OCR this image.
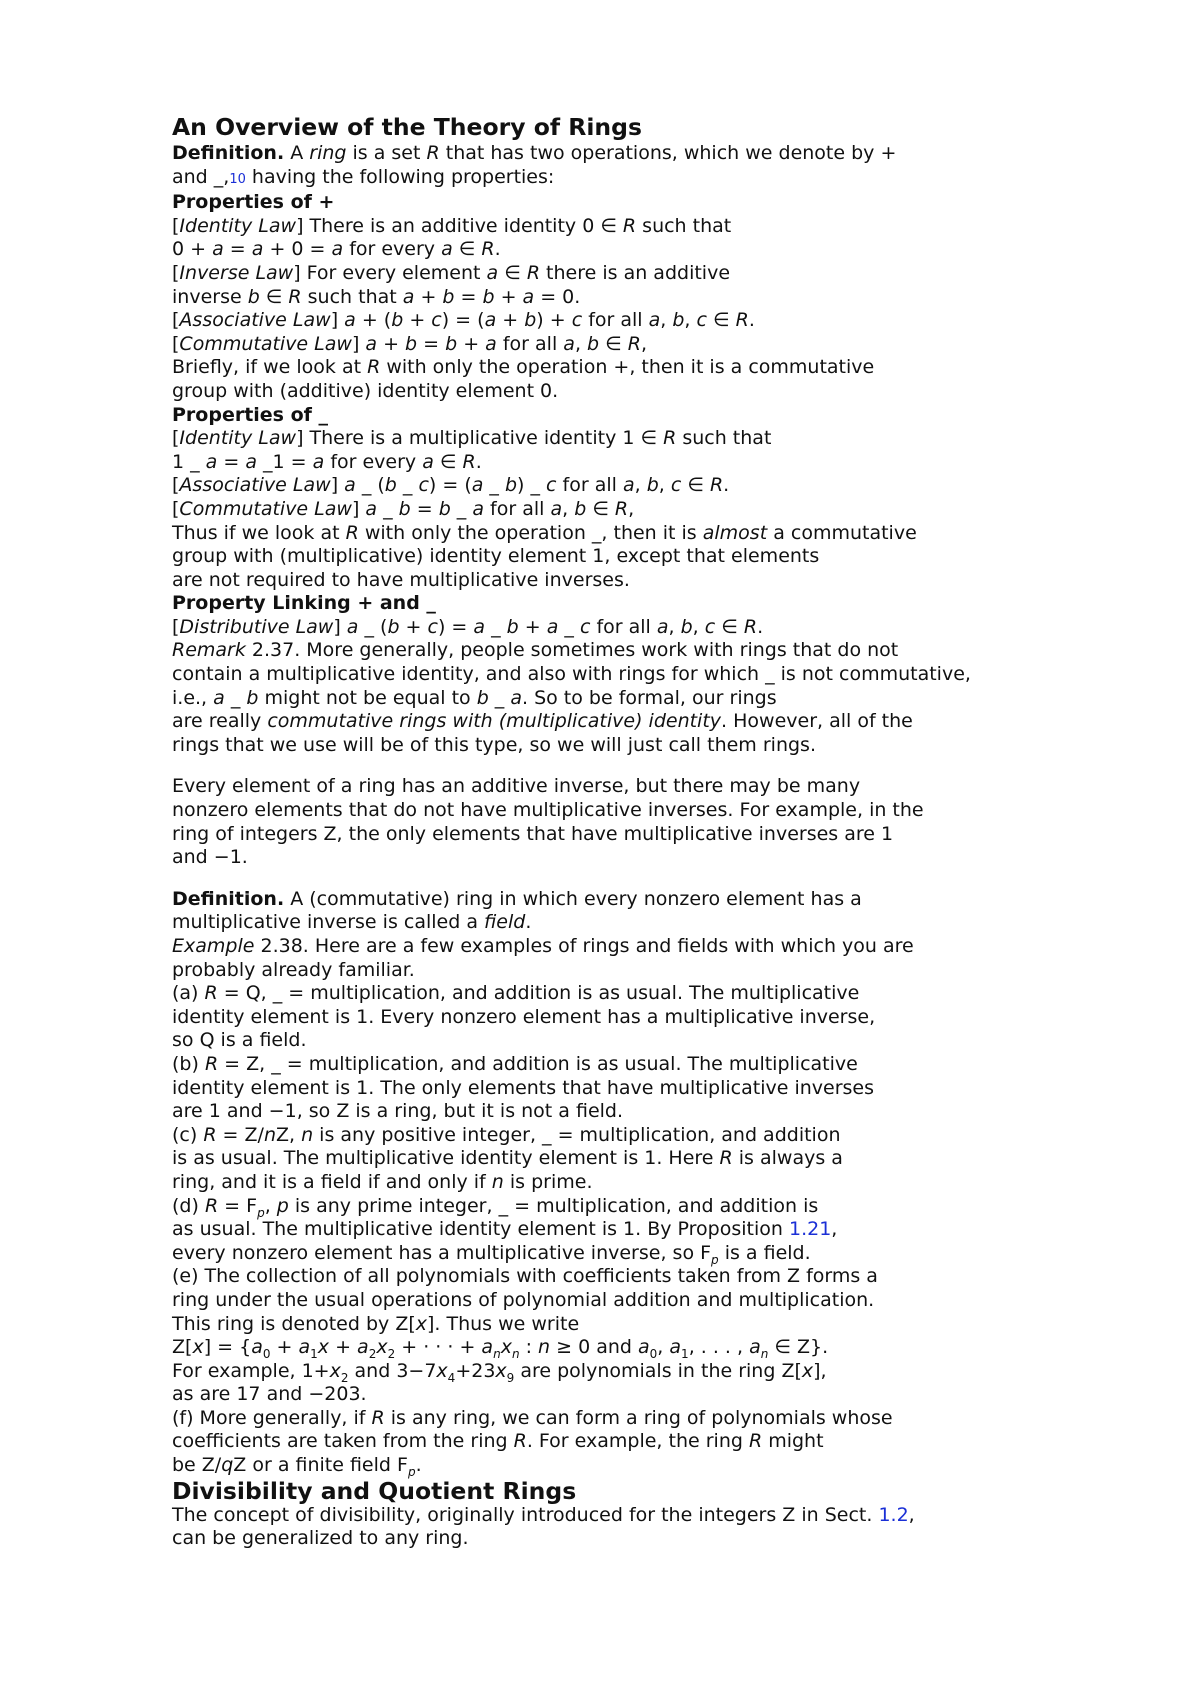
An Overview of the Theory of Rings

Definition. A ring is a set R that has two operations, which we denote by +

and _,10 having the following properties:

Properties of +

[Identity Law] There is an additive identity 0 ∈ R such that

0 + a = a + 0 = a for every a ∈ R.

[Inverse Law] For every element a ∈ R there is an additive

inverse b ∈ R such that a + b = b + a = 0.

[Associative Law] a + (b + c) = (a + b) + c for all a, b, c ∈ R.

[Commutative Law] a + b = b + a for all a, b ∈ R,

Briefly, if we look at R with only the operation +, then it is a commutative

group with (additive) identity element 0.

Properties of _

[Identity Law] There is a multiplicative identity 1 ∈ R such that

1 _ a = a _1 = a for every a ∈ R.

[Associative Law] a _ (b _ c) = (a _ b) _ c for all a, b, c ∈ R.

[Commutative Law] a _ b = b _ a for all a, b ∈ R,

Thus if we look at R with only the operation _, then it is almost a commutative

group with (multiplicative) identity element 1, except that elements

are not required to have multiplicative inverses.

Property Linking + and _

[Distributive Law] a _ (b + c) = a _ b + a _ c for all a, b, c ∈ R.

Remark 2.37. More generally, people sometimes work with rings that do not

contain a multiplicative identity, and also with rings for which _ is not commutative,

i.e., a _ b might not be equal to b _ a. So to be formal, our rings

are really commutative rings with (multiplicative) identity. However, all of the

rings that we use will be of this type, so we will just call them rings.

Every element of a ring has an additive inverse, but there may be many

nonzero elements that do not have multiplicative inverses. For example, in the

ring of integers Z, the only elements that have multiplicative inverses are 1

and −1.

Definition. A (commutative) ring in which every nonzero element has a

multiplicative inverse is called a field.

Example 2.38. Here are a few examples of rings and fields with which you are

probably already familiar.

(a) R = Q, _ = multiplication, and addition is as usual. The multiplicative

identity element is 1. Every nonzero element has a multiplicative inverse,

so Q is a field.

(b) R = Z, _ = multiplication, and addition is as usual. The multiplicative

identity element is 1. The only elements that have multiplicative inverses

are 1 and −1, so Z is a ring, but it is not a field.

(c) R = Z/nZ, n is any positive integer, _ = multiplication, and addition

is as usual. The multiplicative identity element is 1. Here R is always a

ring, and it is a field if and only if n is prime.

(d) $R = F_p$, p is any prime integer, _ = multiplication, and addition is

as usual. The multiplicative identity element is 1. By Proposition 1.21,

every nonzero element has a multiplicative inverse, so $F_p$ is a field.

(e) The collection of all polynomials with coefficients taken from Z forms a

ring under the usual operations of polynomial addition and multiplication.

This ring is denoted by Z[x]. Thus we write

$Z[x] = \{a_0 + a_1x + a_2x_2$ + · · · + $a_nx_n$ : n ≥ 0 and $a_0$, $a_1$, . . . , $a_n$ ∈ Z}.

For example, $1+x_2$ and $3-7x_4+23x_9$ are polynomials in the ring Z[x],

as are 17 and −203.

(f) More generally, if R is any ring, we can form a ring of polynomials whose

coefficients are taken from the ring R. For example, the ring R might

be Z/qZ or a finite field $F_p$.

Divisibility and Quotient Rings

The concept of divisibility, originally introduced for the integers Z in Sect. 1.2,

can be generalized to any ring.
